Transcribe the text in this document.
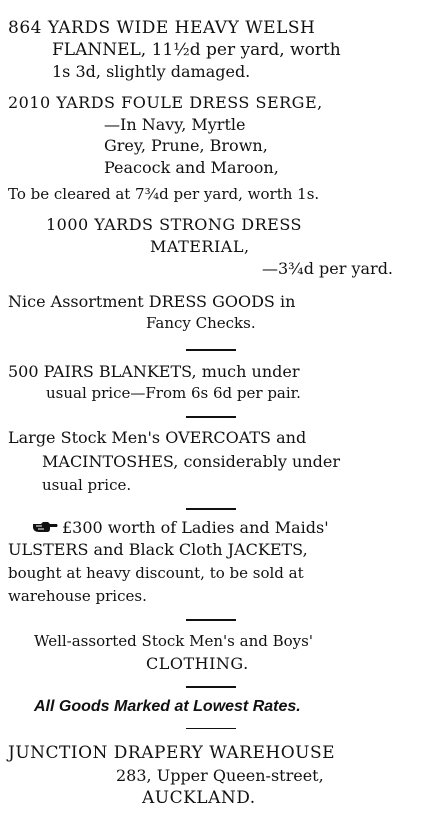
864 YARDS WIDE HEAVY WELSH
FLANNEL, 11½d per yard, worth
1s 3d, slightly damaged.
2010 YARDS FOULE DRESS SERGE,
—In Navy, Myrtle
Grey, Prune, Brown,
Peacock and Maroon,
To be cleared at 7¾d per yard, worth 1s.
1000 YARDS STRONG DRESS
MATERIAL,
—3¾d per yard.
Nice Assortment DRESS GOODS in
Fancy Checks.
500 PAIRS BLANKETS, much under
usual price—From 6s 6d per pair.
Large Stock Men's OVERCOATS and
MACINTOSHES, considerably under
usual price.
£300 worth of Ladies and Maids'
ULSTERS and Black Cloth JACKETS,
bought at heavy discount, to be sold at
warehouse prices.
Well-assorted Stock Men's and Boys'
CLOTHING.
All Goods Marked at Lowest Rates.
JUNCTION DRAPERY WAREHOUSE
283, Upper Queen-street,
AUCKLAND.
